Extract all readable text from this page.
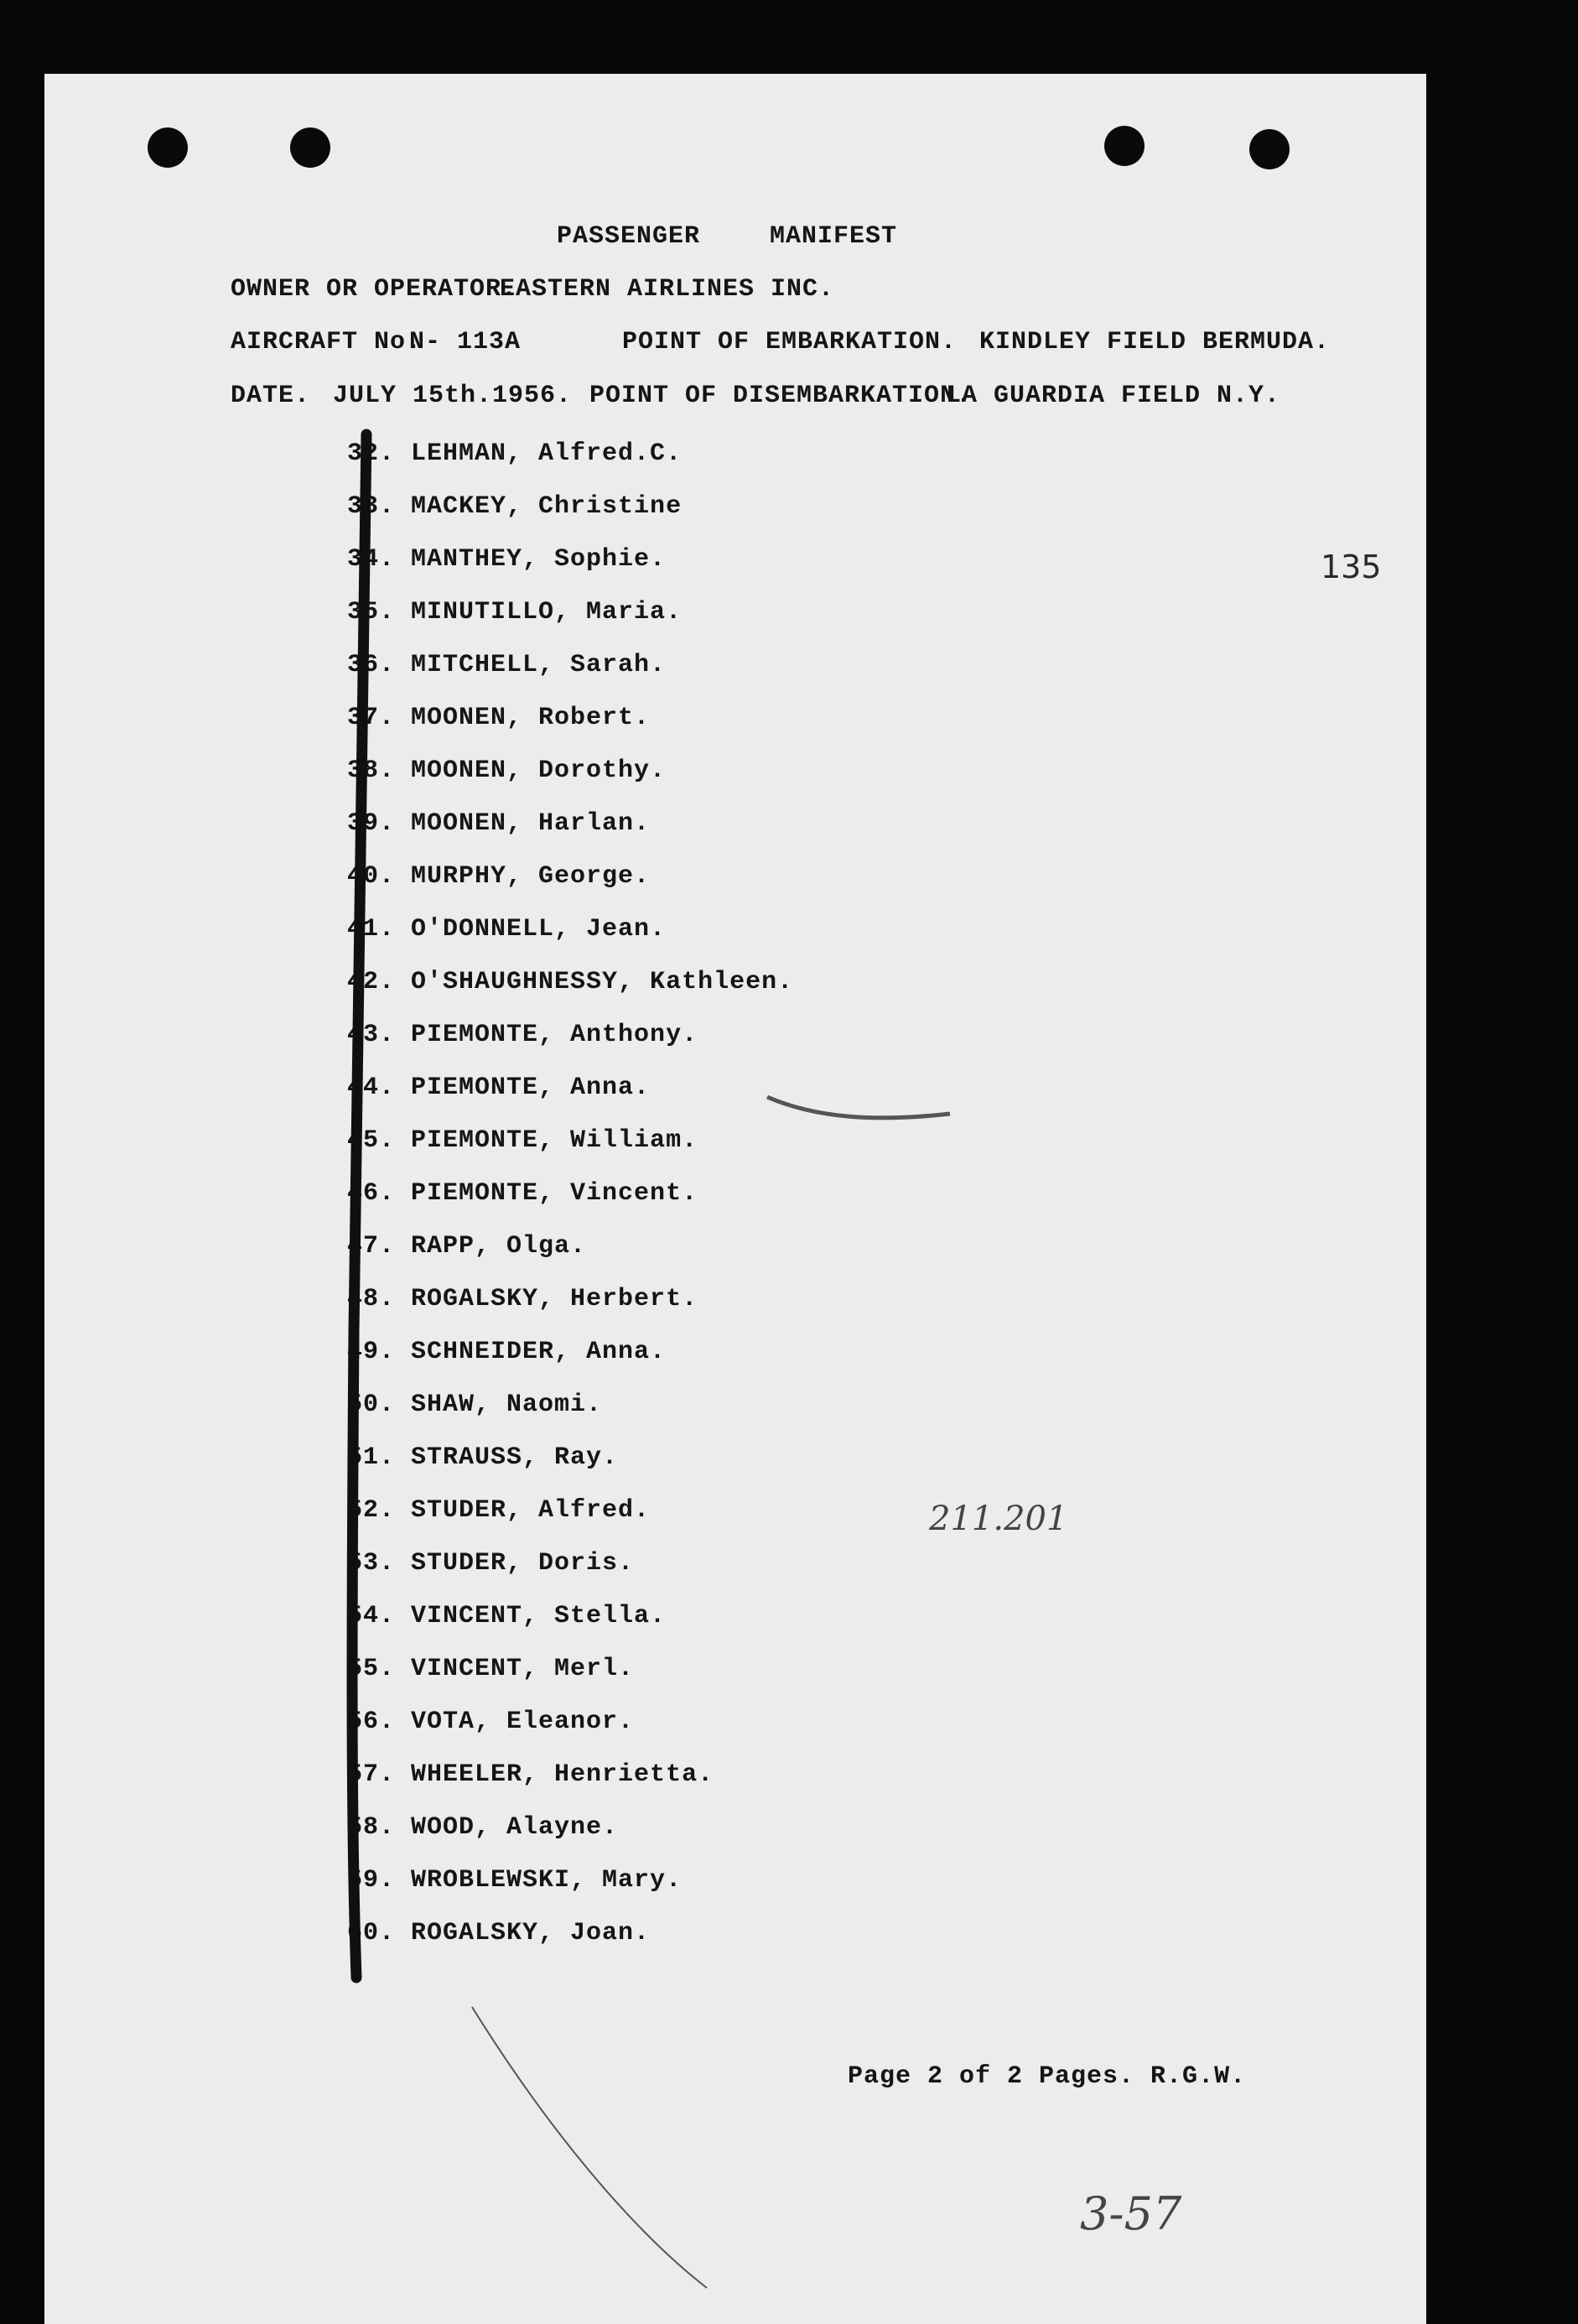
PASSENGER	MANIFEST
OWNER OR OPERATOR.
EASTERN AIRLINES INC.
AIRCRAFT No.
N- 113A	POINT OF EMBARKATION. KINDLEY FIELD BERMUDA.
DATE. JULY 15th.1956. POINT OF DISEMBARKATION.
LA GUARDIA FIELD N.Y.
135
32. LEHMAN, Alfred.C.
33. MACKEY, Christine
34. MANTHEY, Sophie.
35. MINUTILLO, Maria.
36. MITCHELL, Sarah.
37. MOONEN, Robert.
38. MOONEN, Dorothy.
39. MOONEN, Harlan.
40. MURPHY, George.
41. O'DONNELL, Jean.
42. O'SHAUGHNESSY, Kathleen.
43. PIEMONTE, Anthony.
44. PIEMONTE, Anna.
45. PIEMONTE, William.
46. PIEMONTE, Vincent.
47. RAPP, Olga.
48. ROGALSKY, Herbert.
49. SCHNEIDER, Anna.
50. SHAW, Naomi.
51. STRAUSS, Ray.
52. STUDER, Alfred.
53. STUDER, Doris.
54. VINCENT, Stella.
55. VINCENT, Merl.
56. VOTA, Eleanor.
57. WHEELER, Henrietta.
58. WOOD, Alayne.
59. WROBLEWSKI, Mary.
60. ROGALSKY, Joan.
211.201
3-57
Page 2 of 2 Pages. R.G.W.
